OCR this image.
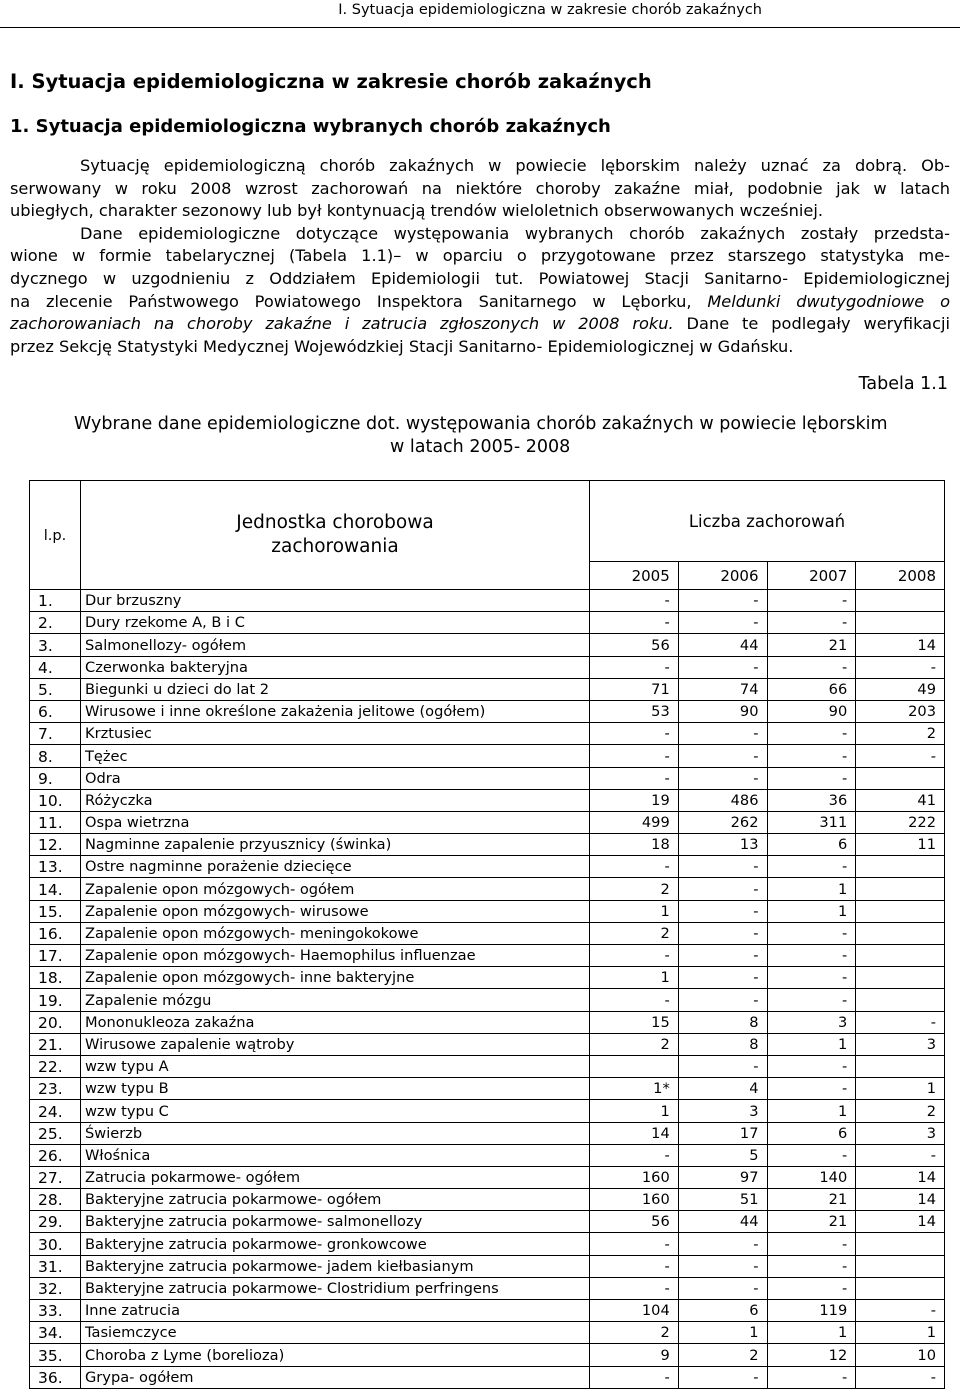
I. Sytuacja epidemiologiczna w zakresie chorób zakaźnych
I. Sytuacja epidemiologiczna w zakresie chorób zakaźnych
1. Sytuacja epidemiologiczna wybranych chorób zakaźnych
Sytuację epidemiologiczną chorób zakaźnych w powiecie lęborskim należy uznać za dobrą. Ob-
serwowany w roku 2008 wzrost zachorowań na niektóre choroby zakaźne miał, podobnie jak w latach
ubiegłych, charakter sezonowy lub był kontynuacją trendów wieloletnich obserwowanych wcześniej.
Dane epidemiologiczne dotyczące występowania wybranych chorób zakaźnych zostały przedsta-
wione w formie tabelarycznej (Tabela 1.1)– w oparciu o przygotowane przez starszego statystyka me-
dycznego w uzgodnieniu z Oddziałem Epidemiologii tut. Powiatowej Stacji Sanitarno- Epidemiologicznej
na zlecenie Państwowego Powiatowego Inspektora Sanitarnego w Lęborku, Meldunki dwutygodniowe o
zachorowaniach na choroby zakaźne i zatrucia zgłoszonych w 2008 roku. Dane te podlegały weryfikacji
przez Sekcję Statystyki Medycznej Wojewódzkiej Stacji Sanitarno- Epidemiologicznej w Gdańsku.
Tabela 1.1
Wybrane dane epidemiologiczne dot. występowania chorób zakaźnych w powiecie lęborskim
w latach 2005- 2008
l.p.	Jednostka chorobowa
zachorowania	Liczba zachorowań			
		2005	2006	2007	2008
1.	Dur brzuszny	-	-	-	
2.	Dury rzekome A, B i C	-	-	-	
3.	Salmonellozy- ogółem	56	44	21	14
4.	Czerwonka bakteryjna	-	-	-	-
5.	Biegunki u dzieci do lat 2	71	74	66	49
6.	Wirusowe i inne określone zakażenia jelitowe (ogółem)	53	90	90	203
7.	Krztusiec	-	-	-	2
8.	Tężec	-	-	-	-
9.	Odra	-	-	-	
10.	Różyczka	19	486	36	41
11.	Ospa wietrzna	499	262	311	222
12.	Nagminne zapalenie przyusznicy (świnka)	18	13	6	11
13.	Ostre nagminne porażenie dziecięce	-	-	-	
14.	Zapalenie opon mózgowych- ogółem	2	-	1	
15.	Zapalenie opon mózgowych- wirusowe	1	-	1	
16.	Zapalenie opon mózgowych- meningokokowe	2	-	-	
17.	Zapalenie opon mózgowych- Haemophilus influenzae	-	-	-	
18.	Zapalenie opon mózgowych- inne bakteryjne	1	-	-	
19.	Zapalenie mózgu	-	-	-	
20.	Mononukleoza zakaźna	15	8	3	-
21.	Wirusowe zapalenie wątroby	2	8	1	3
22.	wzw typu A		-	-	
23.	wzw typu B	1*	4	-	1
24.	wzw typu C	1	3	1	2
25.	Świerzb	14	17	6	3
26.	Włośnica	-	5	-	-
27.	Zatrucia pokarmowe- ogółem	160	97	140	14
28.	Bakteryjne zatrucia pokarmowe- ogółem	160	51	21	14
29.	Bakteryjne zatrucia pokarmowe- salmonellozy	56	44	21	14
30.	Bakteryjne zatrucia pokarmowe- gronkowcowe	-	-	-	
31.	Bakteryjne zatrucia pokarmowe- jadem kiełbasianym	-	-	-	
32.	Bakteryjne zatrucia pokarmowe- Clostridium perfringens	-	-	-	
33.	Inne zatrucia	104	6	119	-
34.	Tasiemczyce	2	1	1	1
35.	Choroba z Lyme (borelioza)	9	2	12	10
36.	Grypa- ogółem	-	-	-	-
